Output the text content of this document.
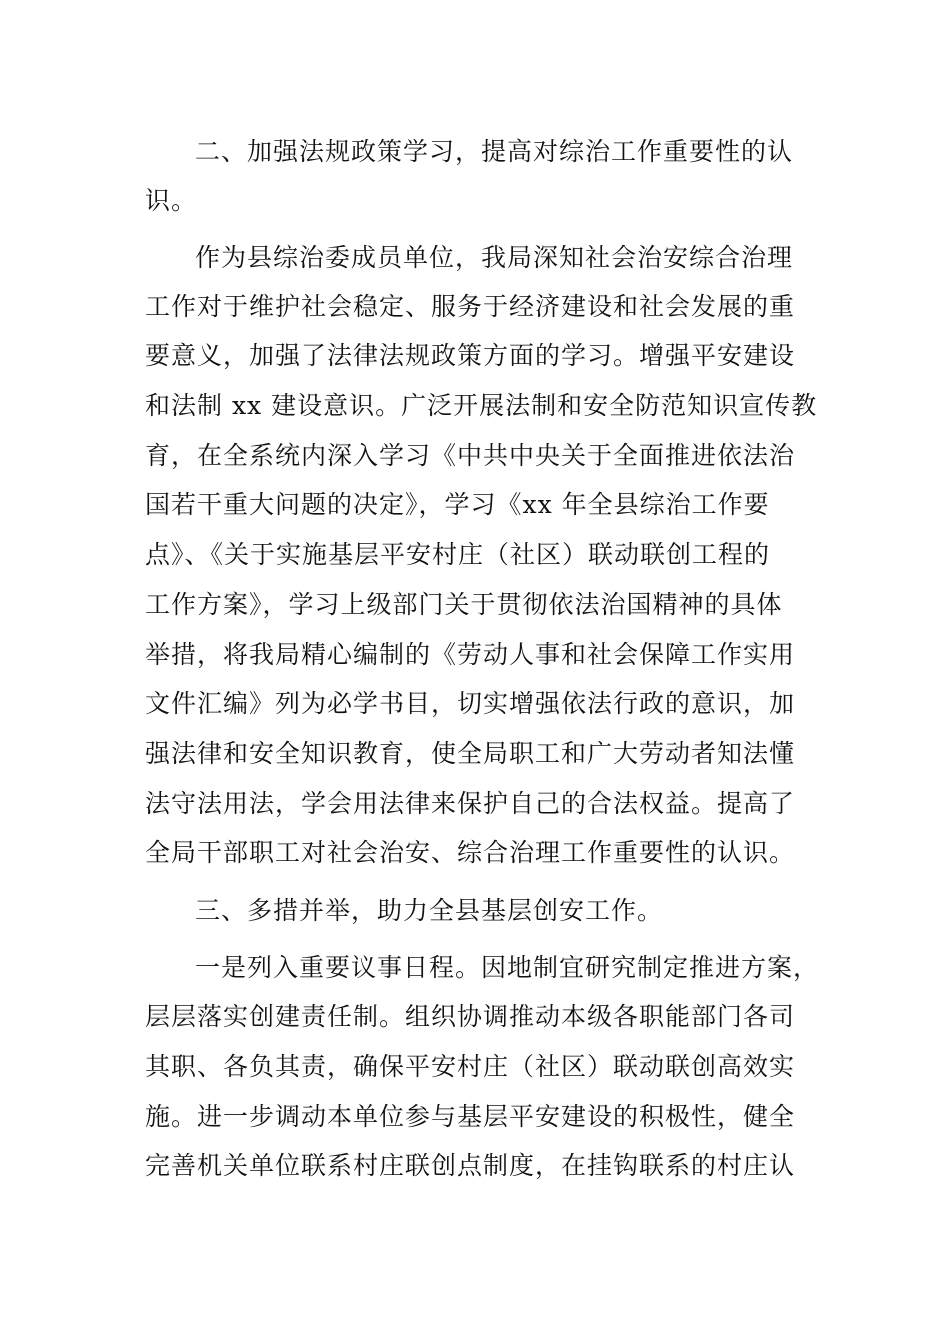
二、加强法规政策学习，提高对综治工作重要性的认
识。
作为县综治委成员单位，我局深知社会治安综合治理
工作对于维护社会稳定、服务于经济建设和社会发展的重
要意义，加强了法律法规政策方面的学习。增强平安建设
和法制 xx 建设意识。广泛开展法制和安全防范知识宣传教
育，在全系统内深入学习《中共中央关于全面推进依法治
国若干重大问题的决定》，学习《xx 年全县综治工作要
点》、《关于实施基层平安村庄（社区）联动联创工程的
工作方案》，学习上级部门关于贯彻依法治国精神的具体
举措，将我局精心编制的《劳动人事和社会保障工作实用
文件汇编》列为必学书目，切实增强依法行政的意识，加
强法律和安全知识教育，使全局职工和广大劳动者知法懂
法守法用法，学会用法律来保护自己的合法权益。提高了
全局干部职工对社会治安、综合治理工作重要性的认识。
三、多措并举，助力全县基层创安工作。
一是列入重要议事日程。因地制宜研究制定推进方案，
层层落实创建责任制。组织协调推动本级各职能部门各司
其职、各负其责，确保平安村庄（社区）联动联创高效实
施。进一步调动本单位参与基层平安建设的积极性，健全
完善机关单位联系村庄联创点制度，在挂钩联系的村庄认
